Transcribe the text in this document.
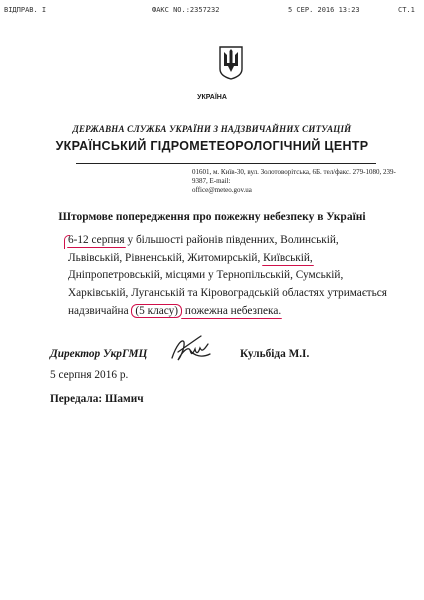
ВІДПРАВ. І	ФАКС NO.:2357232	5 СЕР. 2016 13:23	СТ.1
УКРАЇНА
ДЕРЖАВНА СЛУЖБА УКРАЇНИ З НАДЗВИЧАЙНИХ СИТУАЦІЙ
УКРАЇНСЬКИЙ ГІДРОМЕТЕОРОЛОГІЧНИЙ ЦЕНТР
01601, м. Київ-30, вул. Золотоворітська, 6Б. тел/факс. 279-1080, 239-9387, E-mail:
office@meteo.gov.ua
Штормове попередження про пожежну небезпеку в Україні
6-12 серпня у більшості районів південних, Волинській,
Львівській, Рівненській, Житомирській, Київській,
Дніпропетровській, місцями у Тернопільській, Сумській,
Харківській, Луганській та Кіровоградській областях утримається
надзвичайна (5 класу) пожежна небезпека.
Директор УкрГМЦ	Кульбіда М.І.
5 серпня 2016 р.
Передала: Шамич
